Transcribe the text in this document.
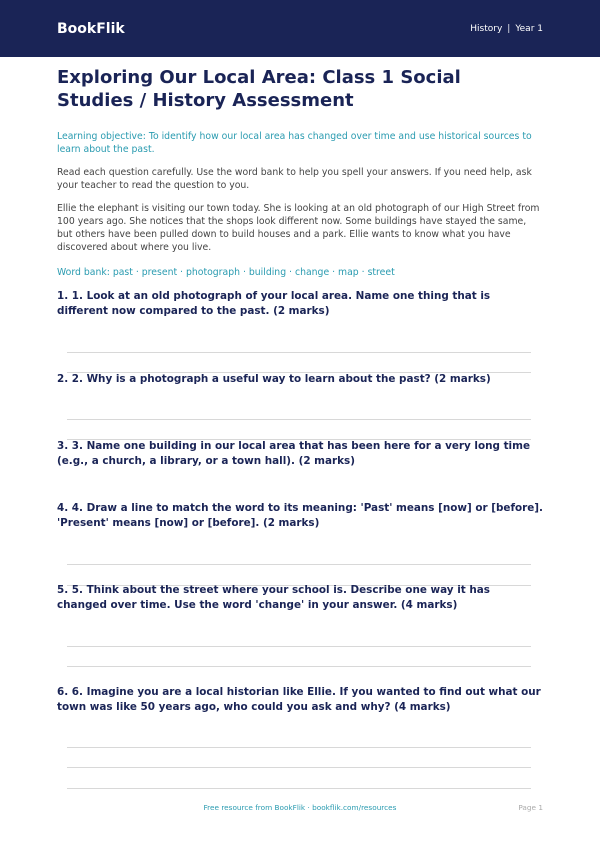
BookFlik	History | Year 1
Exploring Our Local Area: Class 1 Social Studies / History Assessment

Learning objective: To identify how our local area has changed over time and use historical sources to learn about the past.

Read each question carefully. Use the word bank to help you spell your answers. If you need help, ask your teacher to read the question to you.

Ellie the elephant is visiting our town today. She is looking at an old photograph of our High Street from 100 years ago. She notices that the shops look different now. Some buildings have stayed the same, but others have been pulled down to build houses and a park. Ellie wants to know what you have discovered about where you live.

Word bank: past · present · photograph · building · change · map · street

1. 1. Look at an old photograph of your local area. Name one thing that is different now compared to the past. (2 marks)
2. 2. Why is a photograph a useful way to learn about the past? (2 marks)
3. 3. Name one building in our local area that has been here for a very long time (e.g., a church, a library, or a town hall). (2 marks)
4. 4. Draw a line to match the word to its meaning: 'Past' means [now] or [before]. 'Present' means [now] or [before]. (2 marks)
5. 5. Think about the street where your school is. Describe one way it has changed over time. Use the word 'change' in your answer. (4 marks)
6. 6. Imagine you are a local historian like Ellie. If you wanted to find out what our town was like 50 years ago, who could you ask and why? (4 marks)
Free resource from BookFlik · bookflik.com/resources	Page 1
